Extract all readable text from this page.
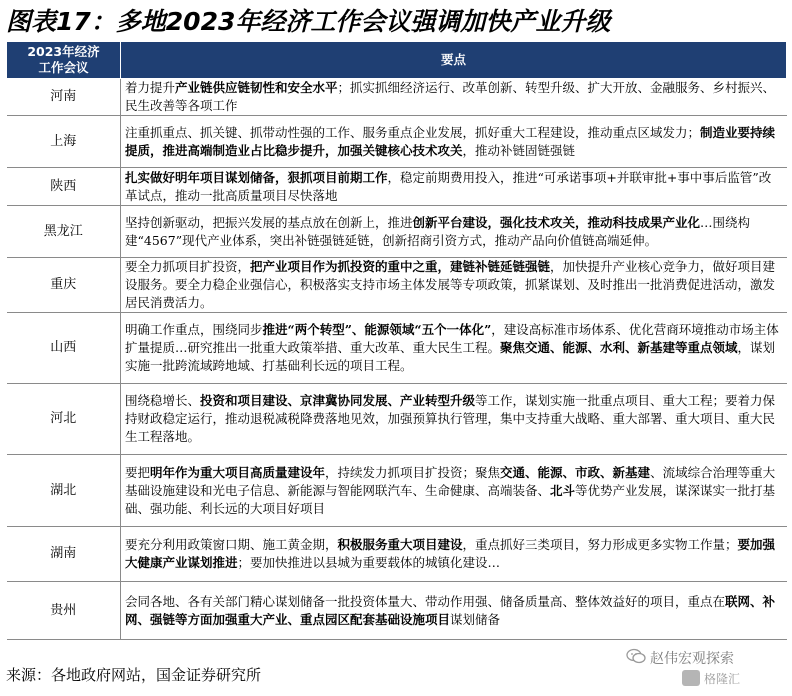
图表17：多地2023年经济工作会议强调加快产业升级
2023年经济
工作会议	要点
河南	着力提升产业链供应链韧性和安全水平；抓实抓细经济运行、改革创新、转型升级、扩大开放、金融服务、乡村振兴、民生改善等各项工作
上海	注重抓重点、抓关键、抓带动性强的工作、服务重点企业发展，抓好重大工程建设，推动重点区域发力；制造业要持续提质，推进高端制造业占比稳步提升，加强关键核心技术攻关，推动补链固链强链
陕西	扎实做好明年项目谋划储备，狠抓项目前期工作，稳定前期费用投入，推进“可承诺事项+并联审批+事中事后监管”改革试点，推动一批高质量项目尽快落地
黑龙江	坚持创新驱动，把振兴发展的基点放在创新上，推进创新平台建设，强化技术攻关，推动科技成果产业化…围绕构建“4567”现代产业体系，突出补链强链延链，创新招商引资方式，推动产品向价值链高端延伸。
重庆	要全力抓项目扩投资，把产业项目作为抓投资的重中之重，建链补链延链强链，加快提升产业核心竞争力，做好项目建设服务。要全力稳企业强信心，积极落实支持市场主体发展等专项政策，抓紧谋划、及时推出一批消费促进活动，激发居民消费活力。
山西	明确工作重点，围绕同步推进“两个转型”、能源领域“五个一体化”，建设高标准市场体系、优化营商环境推动市场主体扩量提质…研究推出一批重大政策举措、重大改革、重大民生工程。聚焦交通、能源、水利、新基建等重点领域，谋划实施一批跨流域跨地域、打基础利长远的项目工程。
河北	围绕稳增长、投资和项目建设、京津冀协同发展、产业转型升级等工作，谋划实施一批重点项目、重大工程；要着力保持财政稳定运行，推动退税减税降费落地见效，加强预算执行管理，集中支持重大战略、重大部署、重大项目、重大民生工程落地。
湖北	要把明年作为重大项目高质量建设年，持续发力抓项目扩投资；聚焦交通、能源、市政、新基建、流域综合治理等重大基础设施建设和光电子信息、新能源与智能网联汽车、生命健康、高端装备、北斗等优势产业发展，谋深谋实一批打基础、强功能、利长远的大项目好项目
湖南	要充分利用政策窗口期、施工黄金期，积极服务重大项目建设，重点抓好三类项目，努力形成更多实物工作量；要加强大健康产业谋划推进；要加快推进以县城为重要载体的城镇化建设…
贵州	会同各地、各有关部门精心谋划储备一批投资体量大、带动作用强、储备质量高、整体效益好的项目，重点在联网、补网、强链等方面加强重大产业、重点园区配套基础设施项目谋划储备
来源：各地政府网站，国金证券研究所
赵伟宏观探索
格隆汇
